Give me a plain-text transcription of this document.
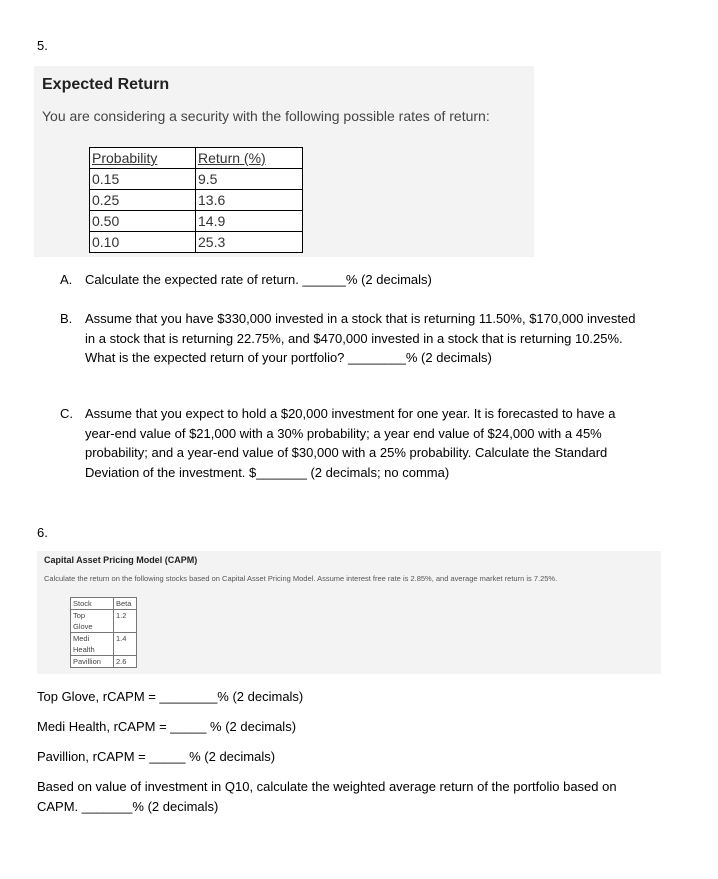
5.
Expected Return
You are considering a security with the following possible rates of return:
Probability	Return (%)
0.15	9.5
0.25	13.6
0.50	14.9
0.10	25.3
A. Calculate the expected rate of return. ______% (2 decimals)
B. Assume that you have $330,000 invested in a stock that is returning 11.50%, $170,000 invested
in a stock that is returning 22.75%, and $470,000 invested in a stock that is returning 10.25%.
What is the expected return of your portfolio? ________% (2 decimals)
C. Assume that you expect to hold a $20,000 investment for one year. It is forecasted to have a
year-end value of $21,000 with a 30% probability; a year end value of $24,000 with a 45%
probability; and a year-end value of $30,000 with a 25% probability. Calculate the Standard
Deviation of the investment. $_______ (2 decimals; no comma)
6.
Capital Asset Pricing Model (CAPM)
Calculate the return on the following stocks based on Capital Asset Pricing Model. Assume interest free rate is 2.85%, and average market return is 7.25%.
Stock	Beta

Top
Glove	1.2

Medi
Health	1.4

Pavillion	2.6
Top Glove, rCAPM = ________% (2 decimals)
Medi Health, rCAPM = _____ % (2 decimals)
Pavillion, rCAPM = _____ % (2 decimals)
Based on value of investment in Q10, calculate the weighted average return of the portfolio based on
CAPM. _______% (2 decimals)
